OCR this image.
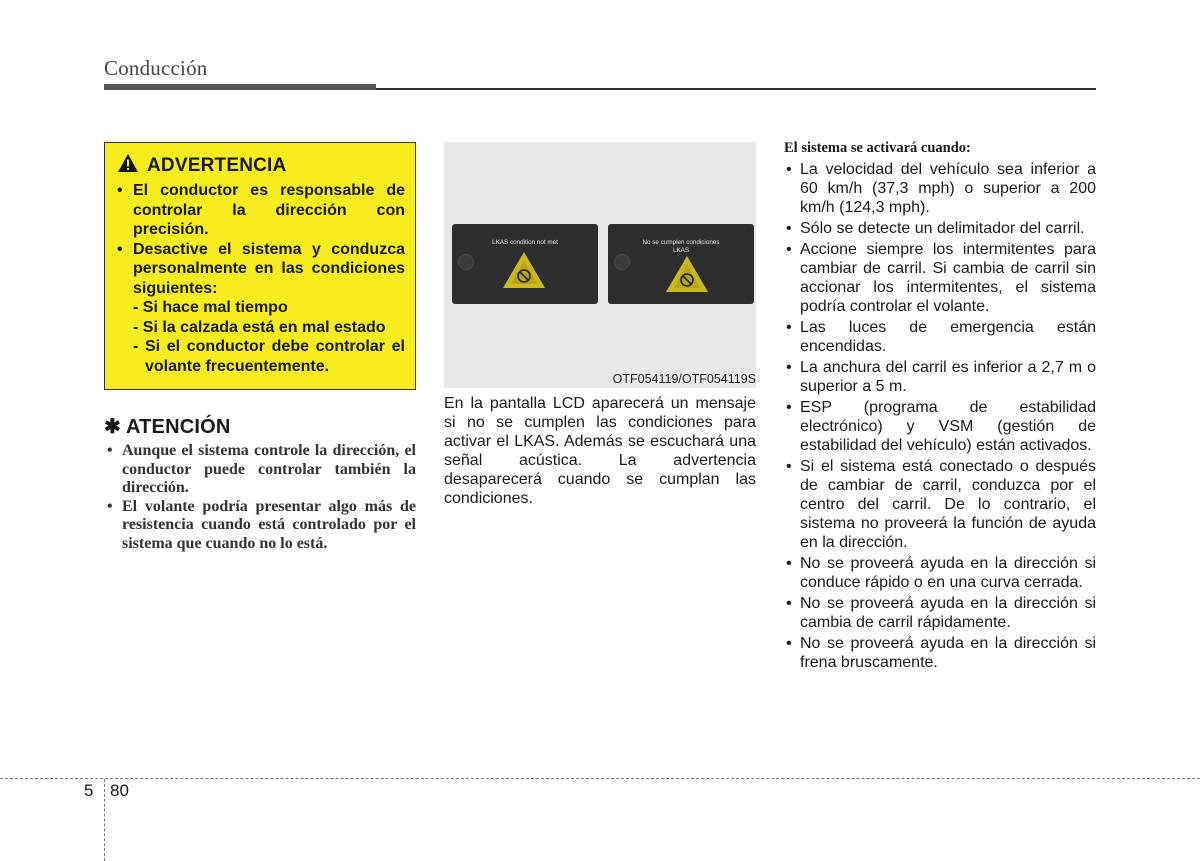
Conducción
ADVERTENCIA
• El conductor es responsable de controlar la dirección con precisión.
• Desactive el sistema y conduzca personalmente en las condiciones siguientes:
- Si hace mal tiempo
- Si la calzada está en mal estado
- Si el conductor debe controlar el volante frecuentemente.
✱ ATENCIÓN
• Aunque el sistema controle la dirección, el conductor puede controlar también la dirección.
• El volante podría presentar algo más de resistencia cuando está controlado por el sistema que cuando no lo está.
LKAS condition not met	No se cumplen condiciones
LKAS
OTF054119/OTF054119S
En la pantalla LCD aparecerá un mensaje si no se cumplen las condiciones para activar el LKAS. Además se escuchará una señal acústica. La advertencia desaparecerá cuando se cumplan las condiciones.
El sistema se activará cuando:
• La velocidad del vehículo sea inferior a 60 km/h (37,3 mph) o superior a 200 km/h (124,3 mph).
• Sólo se detecte un delimitador del carril.
• Accione siempre los intermitentes para cambiar de carril. Si cambia de carril sin accionar los intermitentes, el sistema podría controlar el volante.
• Las luces de emergencia están encendidas.
• La anchura del carril es inferior a 2,7 m o superior a 5 m.
• ESP (programa de estabilidad electrónico) y VSM (gestión de estabilidad del vehículo) están activados.
• Si el sistema está conectado o después de cambiar de carril, conduzca por el centro del carril. De lo contrario, el sistema no proveerá la función de ayuda en la dirección.
• No se proveerá ayuda en la dirección si conduce rápido o en una curva cerrada.
• No se proveerá ayuda en la dirección si cambia de carril rápidamente.
• No se proveerá ayuda en la dirección si frena bruscamente.
5 80
